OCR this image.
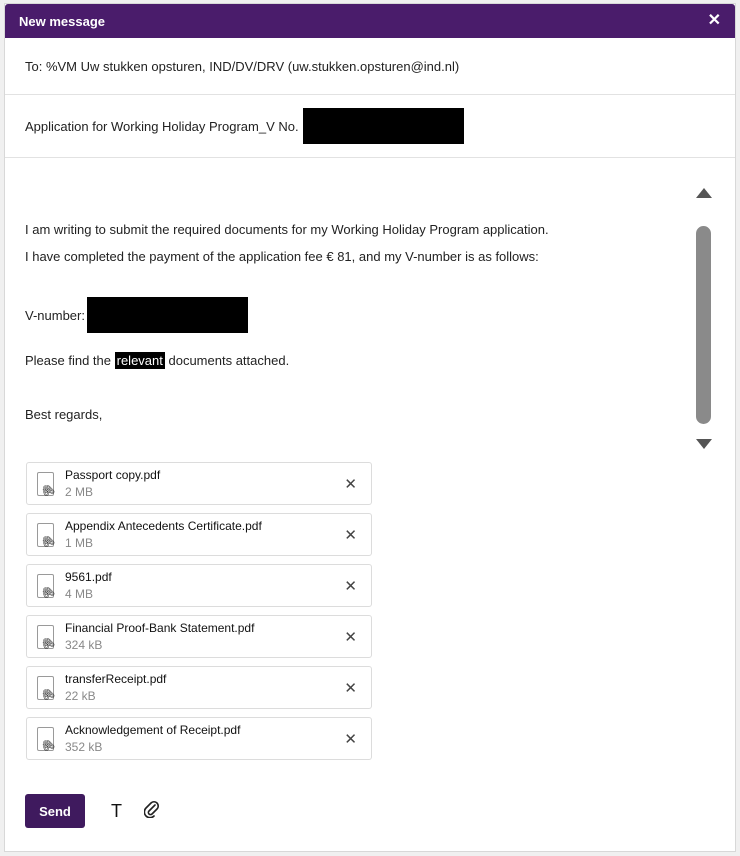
New message	✕
To: %VM Uw stukken opsturen, IND/DV/DRV (uw.stukken.opsturen@ind.nl)
Application for Working Holiday Program_V No.

I am writing to submit the required documents for my Working Holiday Program application.

I have completed the payment of the application fee € 81, and my V-number is as follows:

V-number:

Please find the relevant documents attached.

Best regards,

🖇
Passport copy.pdf
2 MB	✕
🖇
Appendix Antecedents Certificate.pdf
1 MB	✕
🖇
9561.pdf
4 MB	✕
🖇
Financial Proof-Bank Statement.pdf
324 kB	✕
🖇
transferReceipt.pdf
22 kB	✕
🖇
Acknowledgement of Receipt.pdf
352 kB	✕
Send	T
